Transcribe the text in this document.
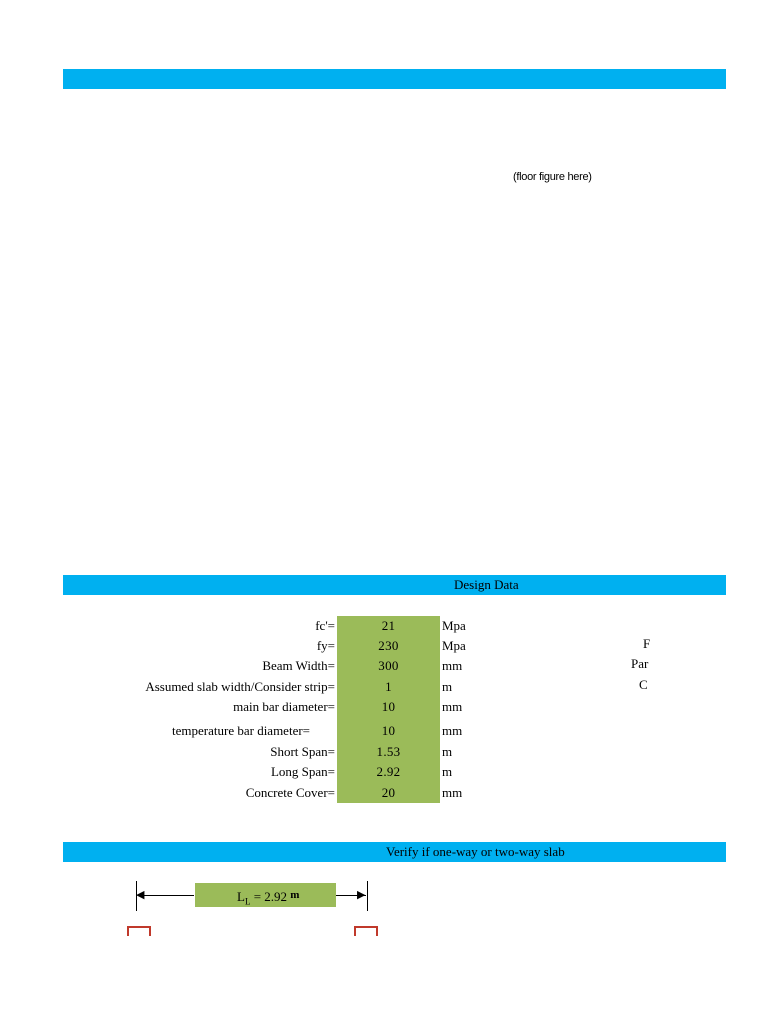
(floor figure here)
Design Data
fc'=	21	Mpa
fy=	230	Mpa
Beam Width=	300	mm
Assumed slab width/Consider strip=	1	m
main bar diameter=	10	mm
temperature bar diameter=	10	mm
Short Span=	1.53	m
Long Span=	2.92	m
Concrete Cover=	20	mm
F
Par
C
Verify if one-way or two-way slab
◀	▶
$L_L = 2.92$ $^m$
